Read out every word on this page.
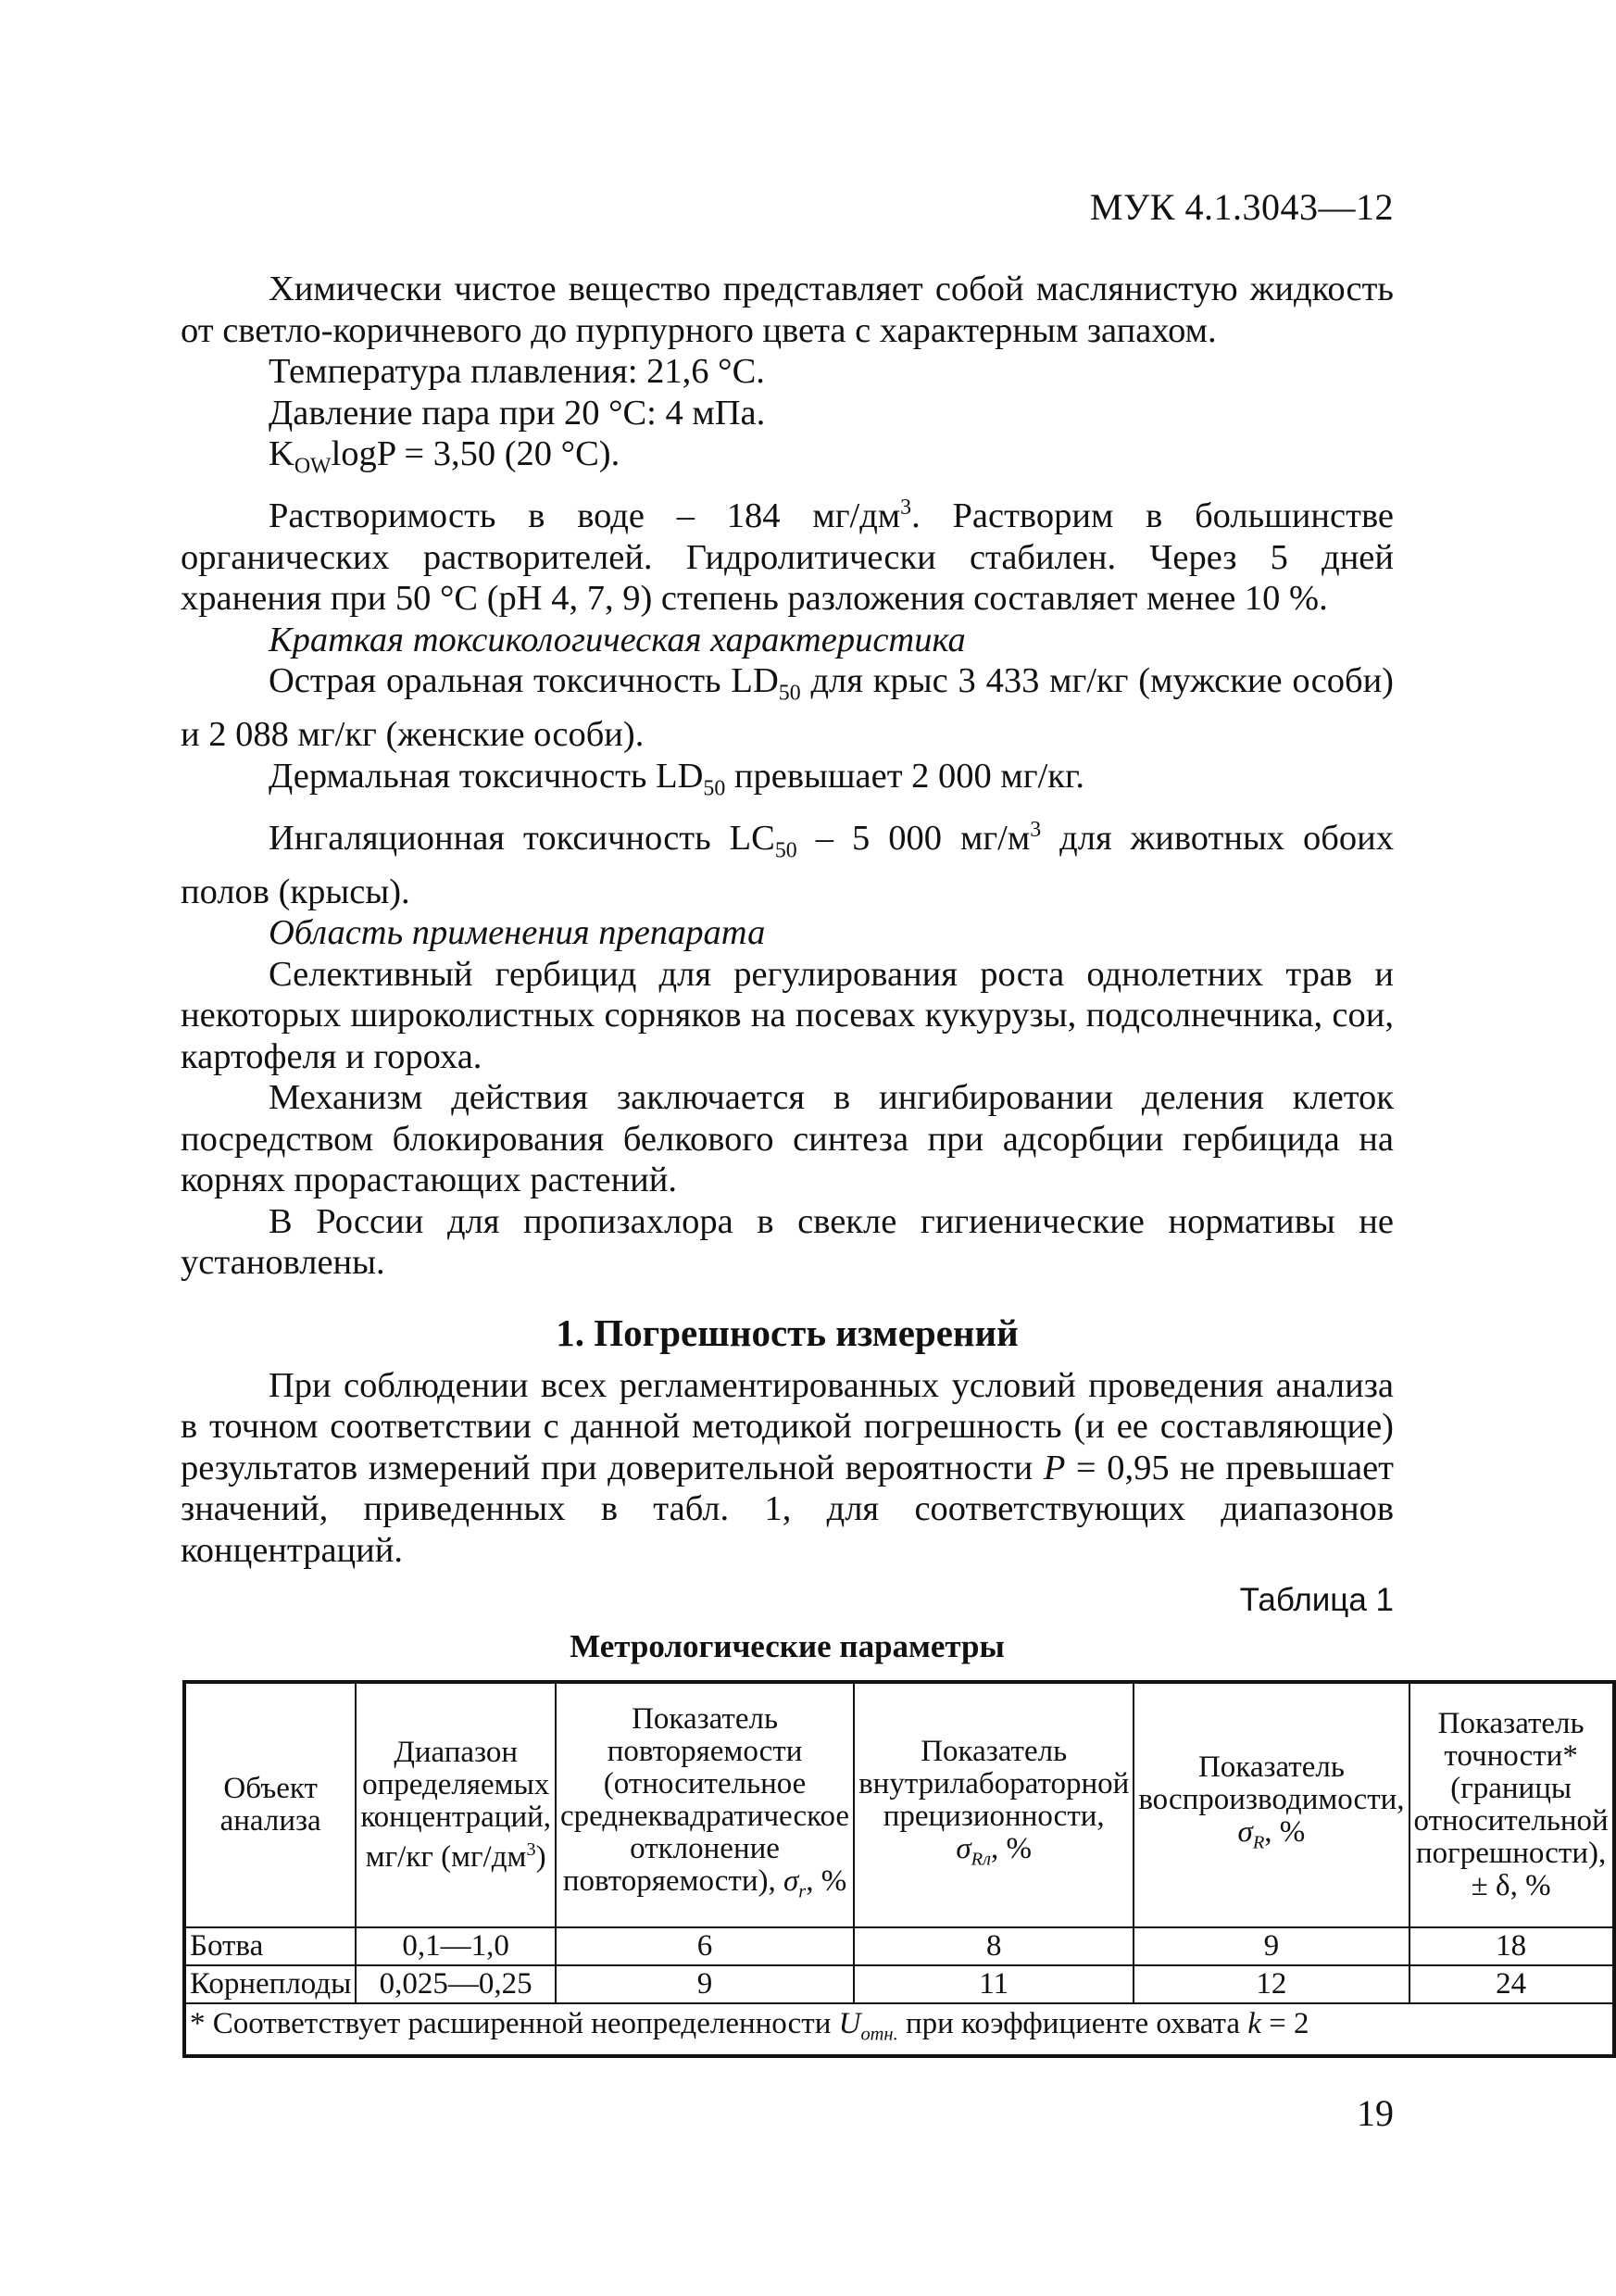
МУК 4.1.3043—12

Химически чистое вещество представляет собой маслянистую жидкость от светло-коричневого до пурпурного цвета с характерным запахом.

Температура плавления: 21,6 °С.

Давление пара при 20 °С: 4 мПа.

$K_{OW}\log P = 3,50$ (20 °С).

Растворимость в воде – 184 $мг/дм^3$. Растворим в большинстве органических растворителей. Гидролитически стабилен. Через 5 дней хранения при 50 °С (рН 4, 7, 9) степень разложения составляет менее 10 %.

Краткая токсикологическая характеристика

Острая оральная токсичность $LD_{50}$ для крыс 3 433 мг/кг (мужские особи) и 2 088 мг/кг (женские особи).

Дермальная токсичность $LD_{50}$ превышает 2 000 мг/кг.

Ингаляционная токсичность $LC_{50} - 5$ 000 $мг/м^3$ для животных обоих полов (крысы).

Область применения препарата

Селективный гербицид для регулирования роста однолетних трав и некоторых широколистных сорняков на посевах кукурузы, подсолнечника, сои, картофеля и гороха.

Механизм действия заключается в ингибировании деления клеток посредством блокирования белкового синтеза при адсорбции гербицида на корнях прорастающих растений.

В России для пропизахлора в свекле гигиенические нормативы не установлены.

1. Погрешность измерений

При соблюдении всех регламентированных условий проведения анализа в точном соответствии с данной методикой погрешность (и ее составляющие) результатов измерений при доверительной вероятности P = 0,95 не превышает значений, приведенных в табл. 1, для соответствующих диапазонов концентраций.

Таблица 1
Метрологические параметры
Объект анализа	Диапазон определяемых концентраций, мг/кг $(мг/дм^3)$	Показатель повторяемости (относительное среднеквадратическое отклонение повторяемости), $\sigma_r$, %	Показатель внутрилабораторной прецизионности, $\sigma_{Rл}$, %	Показатель воспроизводимости, $\sigma_R$, %	Показатель точности* (границы относительной погрешности), ± δ, %
Ботва	0,1—1,0	6	8	9	18
Корнеплоды	0,025—0,25	9	11	12	24
* Соответствует расширенной неопределенности $U_{отн.}$ при коэффициенте охвата k = 2					
19
